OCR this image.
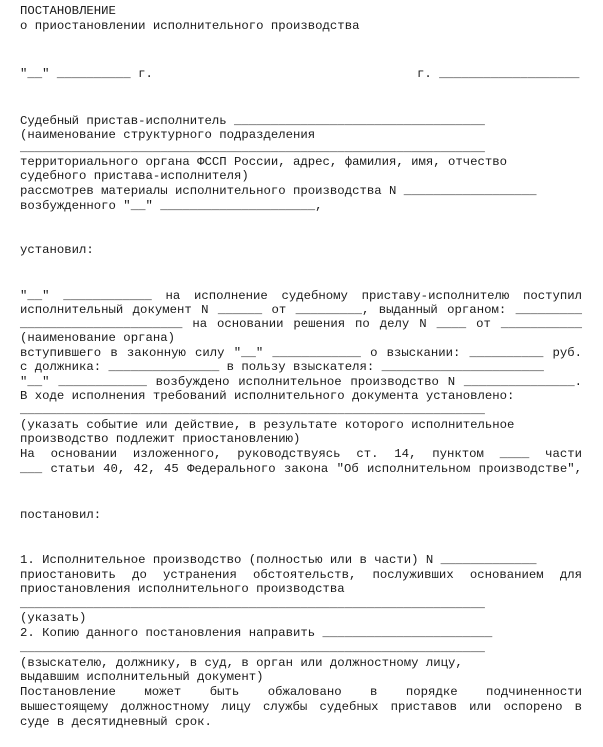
ПОСТАНОВЛЕНИЕ
о приостановлении исполнительного производства
"__" __________ г.	г. ___________________
Судебный пристав-исполнитель __________________________________
(наименование структурного подразделения
_______________________________________________________________
территориального органа ФССП России, адрес, фамилия, имя, отчество
судебного пристава-исполнителя)
рассмотрев материалы исполнительного производства N __________________
возбужденного "__" _____________________,
установил:
"__" ____________ на исполнение судебному приставу-исполнителю поступил
исполнительный документ N ______ от _________, выданный органом: _________
______________________ на основании решения по делу N ____ от ___________
(наименование органа)
вступившего в законную силу "__" ____________ о взыскании: __________ руб.
с должника: _______________ в пользу взыскателя: ______________________
"__" ____________ возбуждено исполнительное производство N _______________.
В ходе исполнения требований исполнительного документа установлено:
_______________________________________________________________
(указать событие или действие, в результате которого исполнительное
производство подлежит приостановлению)
На основании изложенного, руководствуясь ст. 14, пунктом ____ части
___ статьи 40, 42, 45 Федерального закона "Об исполнительном производстве",
постановил:
1. Исполнительное производство (полностью или в части) N _____________
приостановить до устранения обстоятельств, послуживших основанием для
приостановления исполнительного производства
_______________________________________________________________
(указать)
2. Копию данного постановления направить _______________________
_______________________________________________________________
(взыскателю, должнику, в суд, в орган или должностному лицу,
выдавшим исполнительный документ)
Постановление может быть обжаловано в порядке подчиненности
вышестоящему должностному лицу службы судебных приставов или оспорено в
суде в десятидневный срок.
